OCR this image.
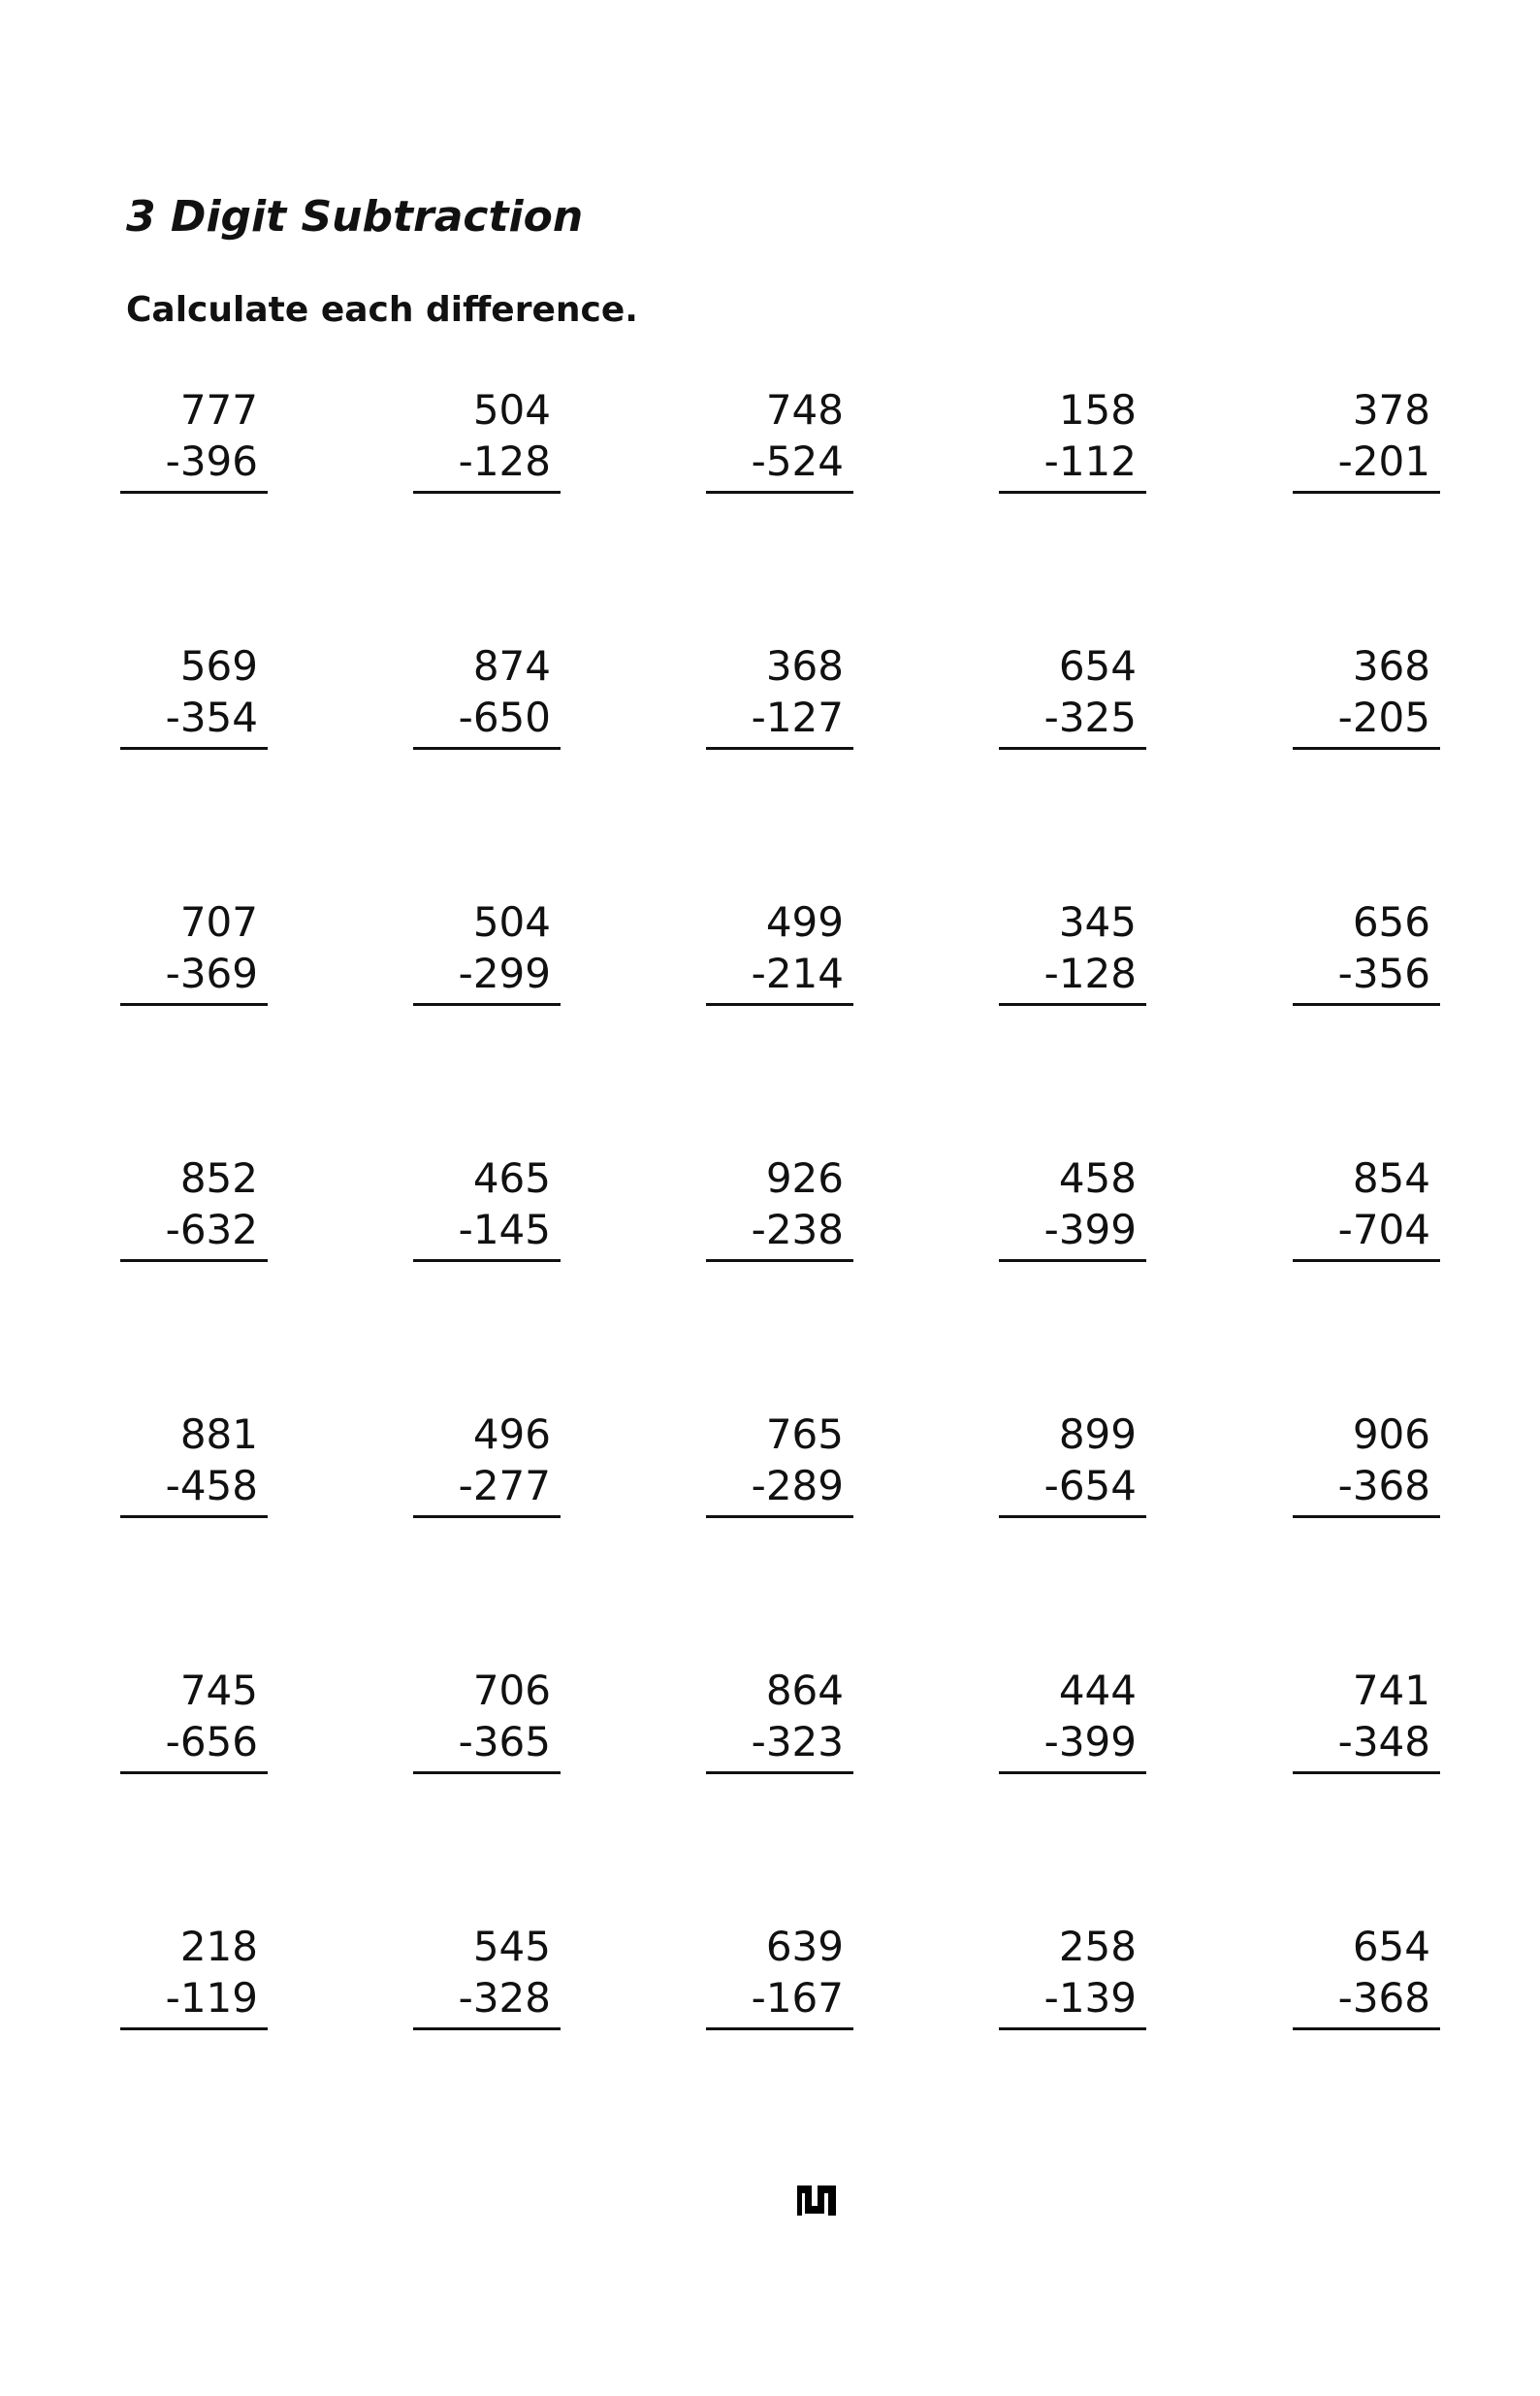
3 Digit Subtraction

Calculate each difference.

777
-396
504
-128
748
-524
158
-112
378
-201
569
-354
874
-650
368
-127
654
-325
368
-205
707
-369
504
-299
499
-214
345
-128
656
-356
852
-632
465
-145
926
-238
458
-399
854
-704
881
-458
496
-277
765
-289
899
-654
906
-368
745
-656
706
-365
864
-323
444
-399
741
-348
218
-119
545
-328
639
-167
258
-139
654
-368
